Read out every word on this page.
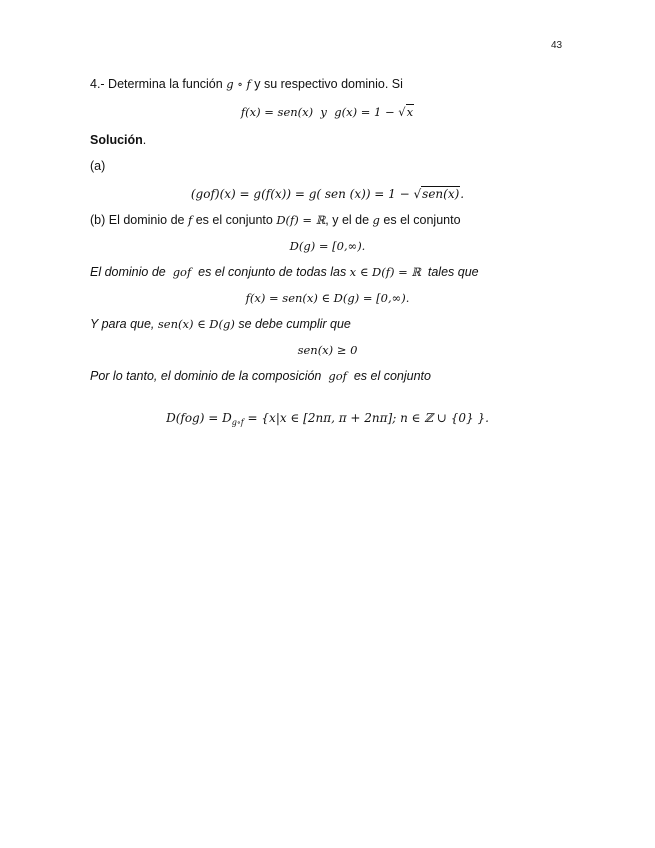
43
4.- Determina la función g ∘ f y su respectivo dominio. Si
f(x) = sen(x)  y  g(x) = 1 − √x
Solución.
(a)
(gof)(x) = g(f(x)) = g( sen (x)) = 1 − √sen(x).
(b) El dominio de f es el conjunto D(f) = ℝ, y el de g es el conjunto
D(g) = [0,∞).
El dominio de  gof  es el conjunto de todas las x ∈ D(f) = ℝ  tales que
f(x) = sen(x) ∈ D(g) = [0,∞).
Y para que, sen(x) ∈ D(g) se debe cumplir que
sen(x) ≥ 0
Por lo tanto, el dominio de la composición  gof  es el conjunto
$D(fog) = D_{g\circ f} = \{x|x$ ∈ [2nπ, π + 2nπ]; n ∈ ℤ ∪ {0} }.
